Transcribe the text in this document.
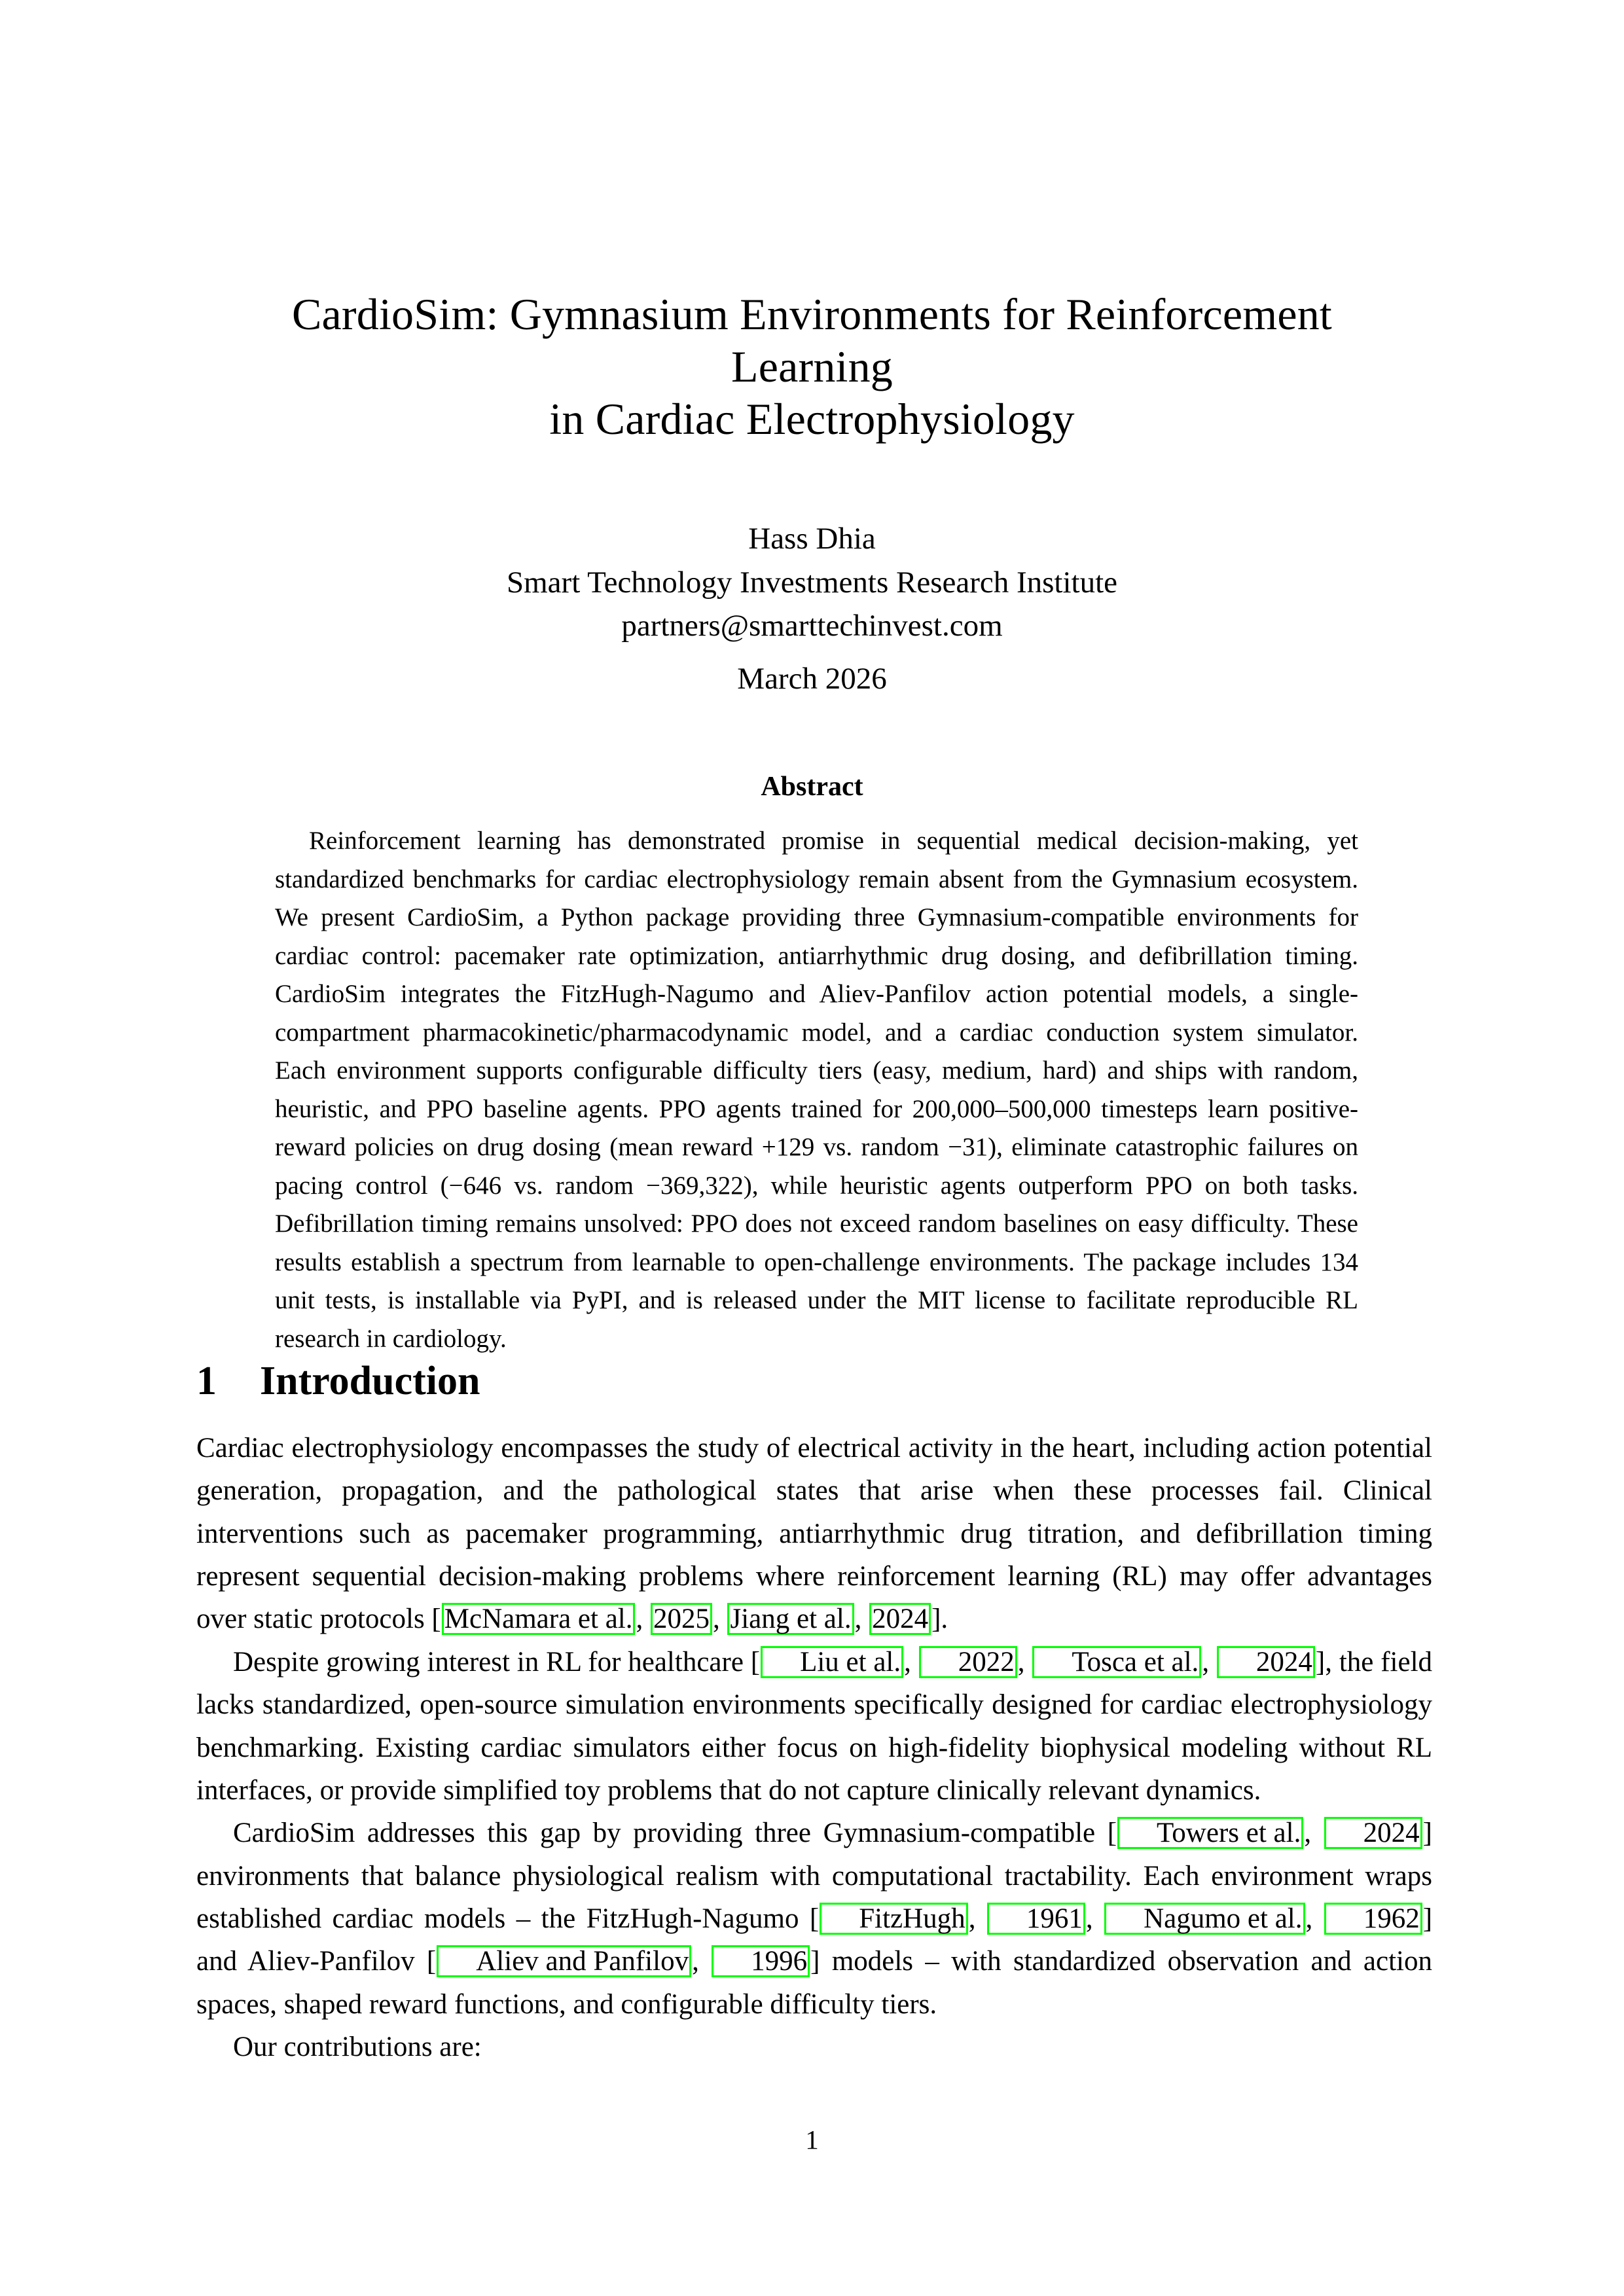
CardioSim: Gymnasium Environments for Reinforcement
Learning
in Cardiac Electrophysiology
Hass Dhia
Smart Technology Investments Research Institute
partners@smarttechinvest.com
March 2026
Abstract
Reinforcement learning has demonstrated promise in sequential medical decision-making, yet standardized benchmarks for cardiac electrophysiology remain absent from the Gymnasium ecosystem. We present CardioSim, a Python package providing three Gymnasium-compatible environments for cardiac control: pacemaker rate optimization, antiarrhythmic drug dosing, and defibrillation timing. CardioSim integrates the FitzHugh-Nagumo and Aliev-Panfilov action potential models, a single-compartment pharmacokinetic/pharmacodynamic model, and a cardiac conduction system simulator. Each environment supports configurable difficulty tiers (easy, medium, hard) and ships with random, heuristic, and PPO baseline agents. PPO agents trained for 200,000–500,000 timesteps learn positive-reward policies on drug dosing (mean reward +129 vs. random −31), eliminate catastrophic failures on pacing control (−646 vs. random −369,322), while heuristic agents outperform PPO on both tasks. Defibrillation timing remains unsolved: PPO does not exceed random baselines on easy difficulty. These results establish a spectrum from learnable to open-challenge environments. The package includes 134 unit tests, is installable via PyPI, and is released under the MIT license to facilitate reproducible RL research in cardiology.
1 Introduction

Cardiac electrophysiology encompasses the study of electrical activity in the heart, including action potential generation, propagation, and the pathological states that arise when these processes fail. Clinical interventions such as pacemaker programming, antiarrhythmic drug titration, and defibrillation timing represent sequential decision-making problems where reinforcement learning (RL) may offer advantages over static protocols [ McNamara et al. , 2025 , Jiang et al. , 2024 ].

Despite growing interest in RL for healthcare [ Liu et al. , 2022 , Tosca et al. , 2024 ], the field lacks standardized, open-source simulation environments specifically designed for cardiac electrophysiology benchmarking. Existing cardiac simulators either focus on high-fidelity biophysical modeling without RL interfaces, or provide simplified toy problems that do not capture clinically relevant dynamics.

CardioSim addresses this gap by providing three Gymnasium-compatible [ Towers et al. , 2024 ] environments that balance physiological realism with computational tractability. Each environment wraps established cardiac models – the FitzHugh-Nagumo [ FitzHugh , 1961 , Nagumo et al. , 1962 ] and Aliev-Panfilov [ Aliev and Panfilov , 1996 ] models – with standardized observation and action spaces, shaped reward functions, and configurable difficulty tiers.

Our contributions are:

1
